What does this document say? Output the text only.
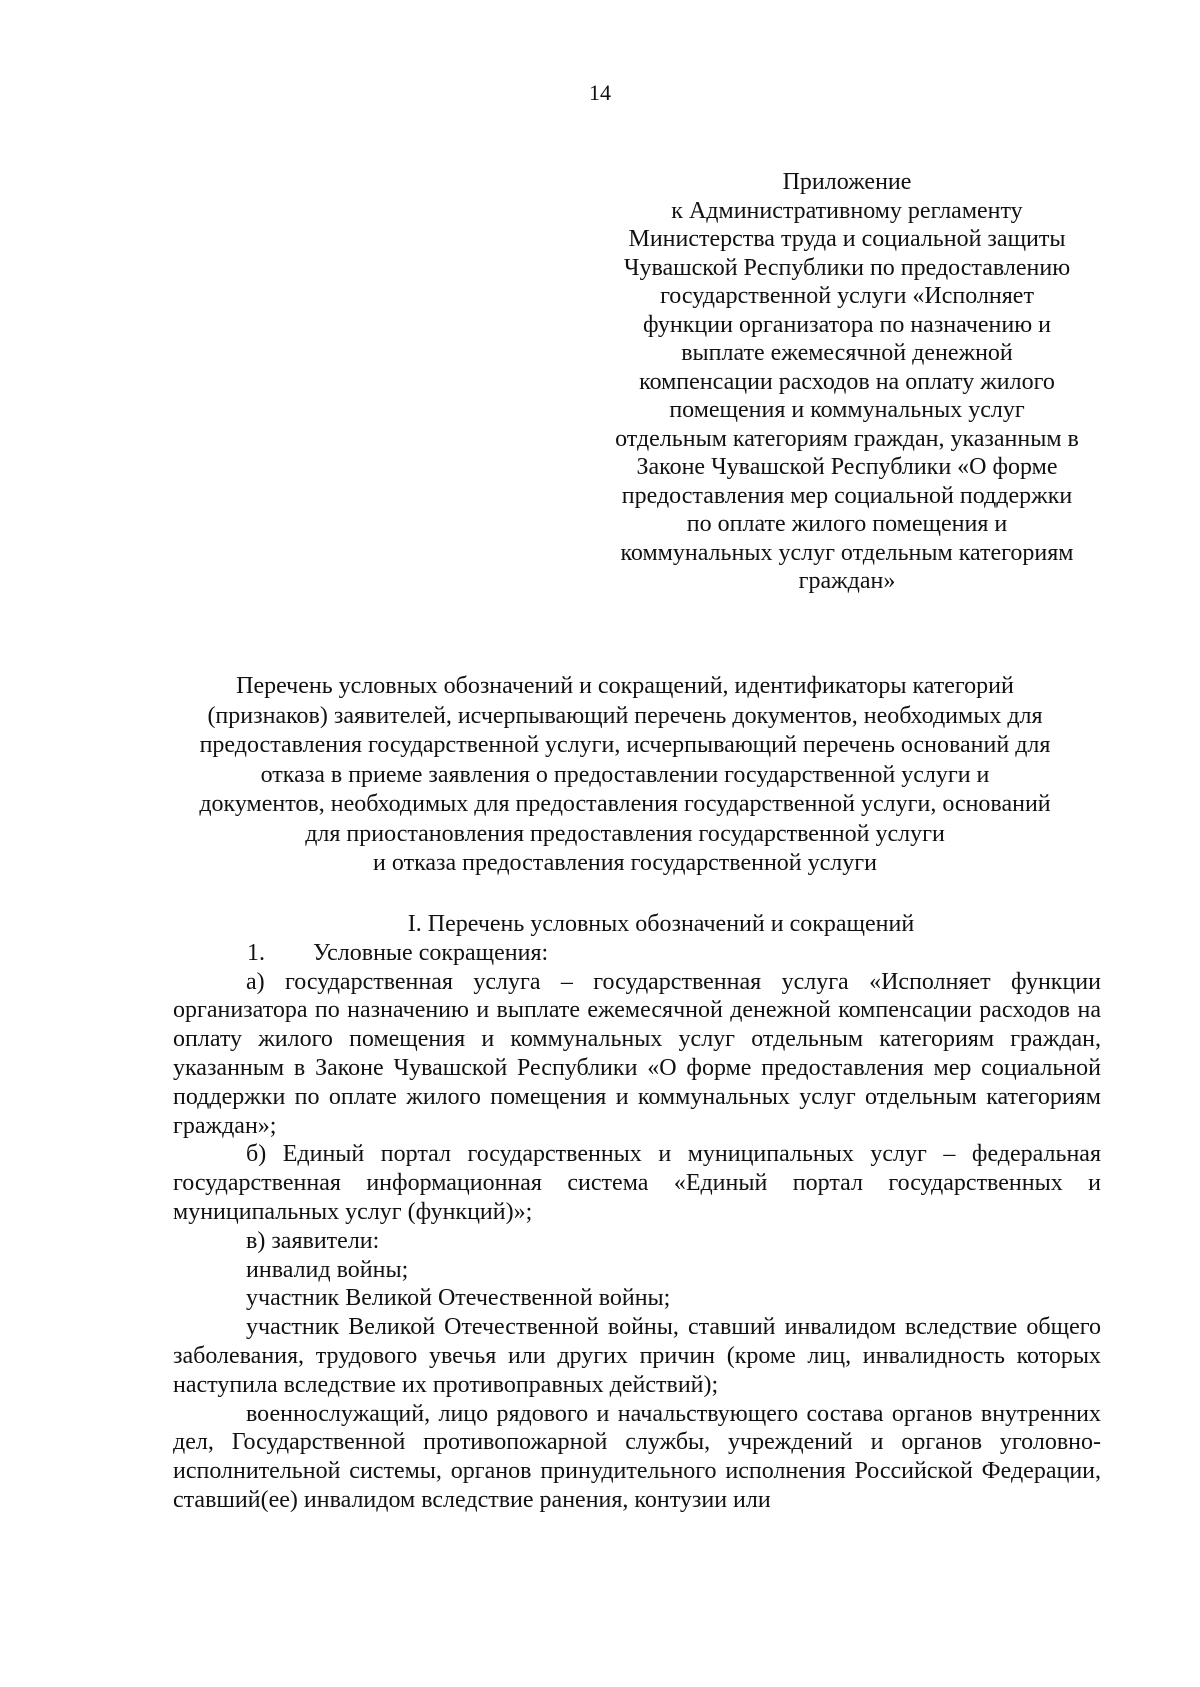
14
Приложение
к Административному регламенту
Министерства труда и социальной защиты
Чувашской Республики по предоставлению
государственной услуги «Исполняет
функции организатора по назначению и
выплате ежемесячной денежной
компенсации расходов на оплату жилого
помещения и коммунальных услуг
отдельным категориям граждан, указанным в
Законе Чувашской Республики «О форме
предоставления мер социальной поддержки
по оплате жилого помещения и
коммунальных услуг отдельным категориям
граждан»
Перечень условных обозначений и сокращений, идентификаторы категорий
(признаков) заявителей, исчерпывающий перечень документов, необходимых для
предоставления государственной услуги, исчерпывающий перечень оснований для
отказа в приеме заявления о предоставлении государственной услуги и
документов, необходимых для предоставления государственной услуги, оснований
для приостановления предоставления государственной услуги
и отказа предоставления государственной услуги

I. Перечень условных обозначений и сокращений

1. Условные сокращения:

а) государственная услуга – государственная услуга «Исполняет функции организатора по назначению и выплате ежемесячной денежной компенсации расходов на оплату жилого помещения и коммунальных услуг отдельным категориям граждан, указанным в Законе Чувашской Республики «О форме предоставления мер социальной поддержки по оплате жилого помещения и коммунальных услуг отдельным категориям граждан»;

б) Единый портал государственных и муниципальных услуг – федеральная государственная информационная система «Единый портал государственных и муниципальных услуг (функций)»;

в) заявители:

инвалид войны;

участник Великой Отечественной войны;

участник Великой Отечественной войны, ставший инвалидом вследствие общего заболевания, трудового увечья или других причин (кроме лиц, инвалидность которых наступила вследствие их противоправных действий);

военнослужащий, лицо рядового и начальствующего состава органов внутренних дел, Государственной противопожарной службы, учреждений и органов уголовно-исполнительной системы, органов принудительного исполнения Российской Федерации, ставший(ее) инвалидом вследствие ранения, контузии или
